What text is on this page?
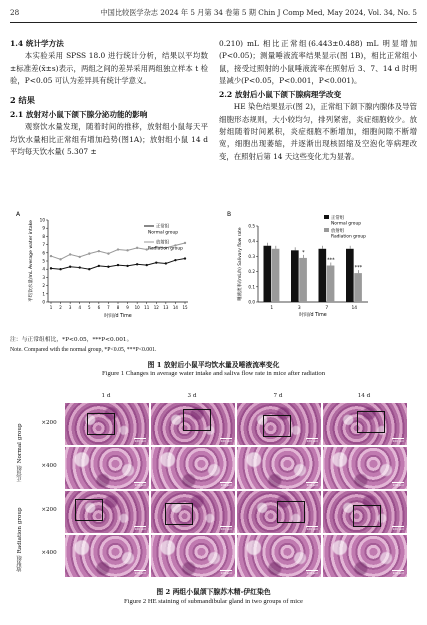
28	中国比较医学杂志 2024 年 5 月第 34 卷第 5 期 Chin J Comp Med, May 2024, Vol. 34, No. 5
1.4 统计学方法

本实验采用 SPSS 18.0 进行统计分析，结果以平均数±标准差(x̄±s)表示，两组之间的差异采用两组独立样本 t 检验，P<0.05 可认为差异具有统计学意义。

2 结果
2.1 放射对小鼠下颌下腺分泌功能的影响

观察饮水量发现，随着时间的推移，放射组小鼠每天平均饮水量相比正常组有增加趋势(图1A)；放射组小鼠 14 d 平均每天饮水量( 5.307 ±

0.210) mL 相比正常组(6.443±0.488) mL 明显增加(P<0.05)；测量唾液流率结果显示(图 1B)，相比正常组小鼠，接受过照射的小鼠唾液流率在照射后 3、7、14 d 时明显减少(P<0.05，P<0.001，P<0.001)。

2.2 放射后小鼠下颌下腺病理学改变

HE 染色结果显示(图 2)，正常组下颌下腺内腺体及导管细胞形态规则，大小较均匀，排列紧密，炎症细胞较少。放射组随着时间累积，炎症细胞不断增加，细胞间隙不断增宽，细胞出现萎缩，并逐渐出现核固缩及空泡化等病理改变，在照射后第 14 天这些变化尤为显著。

A	B
0
1
2
3
4
5
6
7
8
9
10
1 2 3 4 5 6 7 8 9 10 11 12 13 14 15
平均饮水量/mL Average water intake
时间/d Time
正常组
Normal group
放射组
Radiation group
0.0
0.1
0.2
0.3
0.4
0.5
唾液流率/(mL/h) Salivary flow rate
时间/d Time
1	3
*
7
***
14
***
正常组
Normal group
放射组
Radiation group
注：与正常组相比，*P<0.05，***P<0.001。
Note. Compared with the normal group, *P<0.05, ***P<0.001.
图 1 放射后小鼠平均饮水量及唾液流率变化
Figure 1 Changes in average water intake and saliva flow rate in mice after radiation
1 d	3 d	7 d	14 d
正常组 Normal group
放射组 Radiation group
×200
×400
×200
×400
100 μm	100 μm	100 μm	100 μm
100 μm	100 μm	100 μm	100 μm
100 μm	100 μm	100 μm	100 μm
100 μm	100 μm	100 μm	100 μm
图 2 两组小鼠颌下腺苏木精-伊红染色
Figure 2 HE staining of submandibular gland in two groups of mice
